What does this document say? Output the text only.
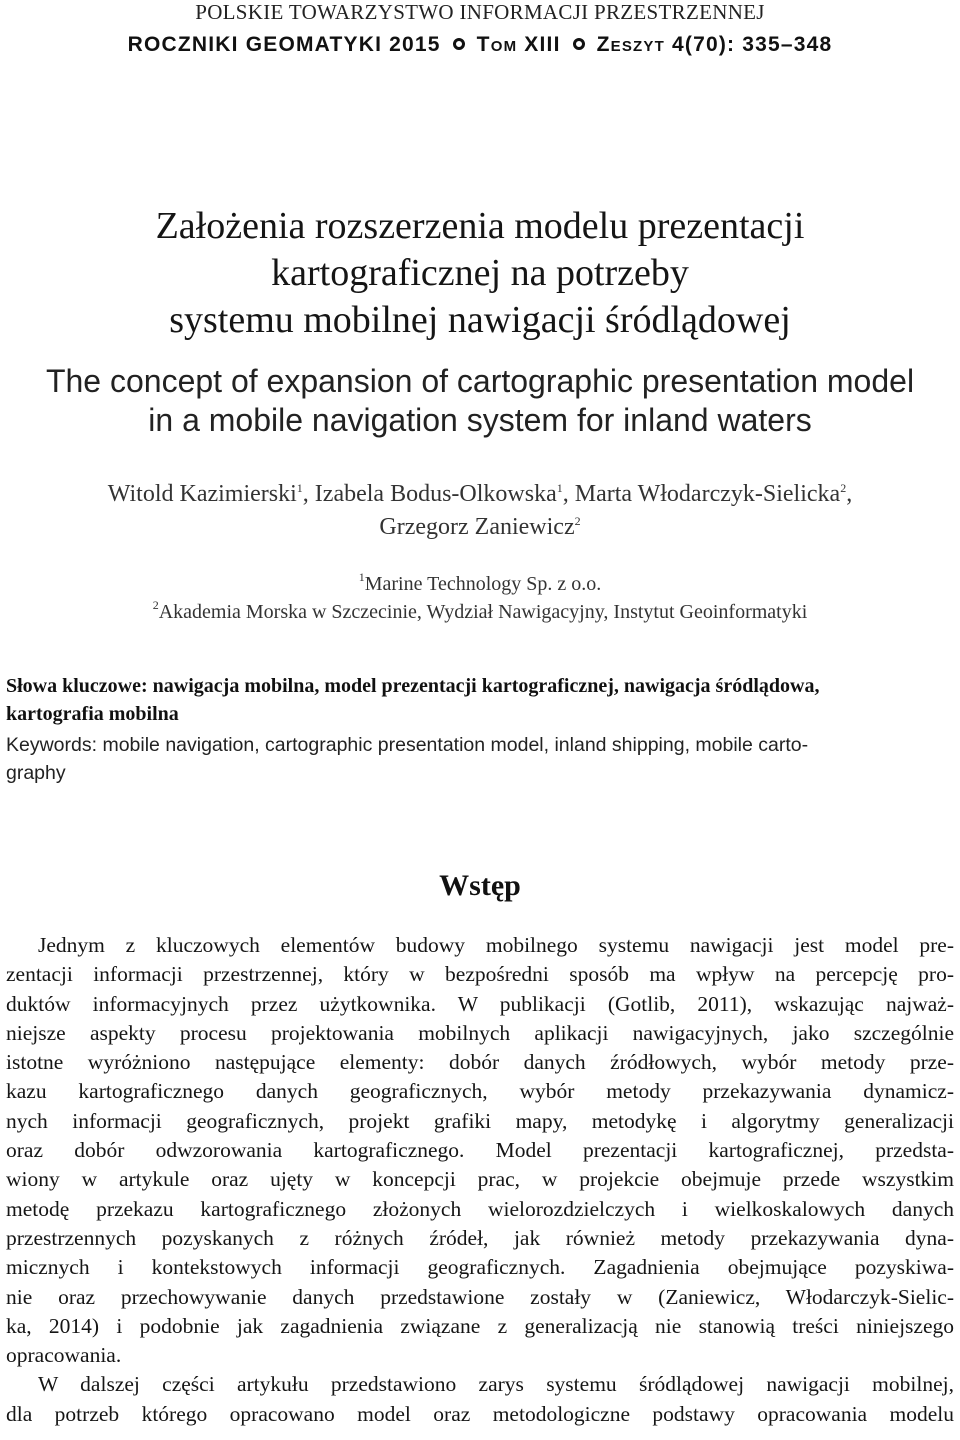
POLSKIE TOWARZYSTWO INFORMACJI PRZESTRZENNEJ
ROCZNIKI GEOMATYKI 2015 Tom XIII Zeszyt 4(70): 335–348
Założenia rozszerzenia modelu prezentacji
kartograficznej na potrzeby
systemu mobilnej nawigacji śródlądowej
The concept of expansion of cartographic presentation model
in a mobile navigation system for inland waters
Witold Kazimierski$^1$, Izabela Bodus-Olkowska$^1$, Marta Włodarczyk-Sielicka$^2$,
Grzegorz Zaniewicz$^2$
$^1$Marine Technology Sp. z o.o.
$^2$Akademia Morska w Szczecinie, Wydział Nawigacyjny, Instytut Geoinformatyki
Słowa kluczowe: nawigacja mobilna, model prezentacji kartograficznej, nawigacja śródlądowa,
kartografia mobilna
Keywords: mobile navigation, cartographic presentation model, inland shipping, mobile carto-
graphy
Wstęp
Jednym z kluczowych elementów budowy mobilnego systemu nawigacji jest model pre-
zentacji informacji przestrzennej, który w bezpośredni sposób ma wpływ na percepcję pro-
duktów informacyjnych przez użytkownika. W publikacji (Gotlib, 2011), wskazując najważ-
niejsze aspekty procesu projektowania mobilnych aplikacji nawigacyjnych, jako szczególnie
istotne wyróżniono następujące elementy: dobór danych źródłowych, wybór metody prze-
kazu kartograficznego danych geograficznych, wybór metody przekazywania dynamicz-
nych informacji geograficznych, projekt grafiki mapy, metodykę i algorytmy generalizacji
oraz dobór odwzorowania kartograficznego. Model prezentacji kartograficznej, przedsta-
wiony w artykule oraz ujęty w koncepcji prac, w projekcie obejmuje przede wszystkim
metodę przekazu kartograficznego złożonych wielorozdzielczych i wielkoskalowych danych
przestrzennych pozyskanych z różnych źródeł, jak również metody przekazywania dyna-
micznych i kontekstowych informacji geograficznych. Zagadnienia obejmujące pozyskiwa-
nie oraz przechowywanie danych przedstawione zostały w (Zaniewicz, Włodarczyk-Sielic-
ka, 2014) i podobnie jak zagadnienia związane z generalizacją nie stanowią treści niniejszego
opracowania.
W dalszej części artykułu przedstawiono zarys systemu śródlądowej nawigacji mobilnej,
dla potrzeb którego opracowano model oraz metodologiczne podstawy opracowania modelu
